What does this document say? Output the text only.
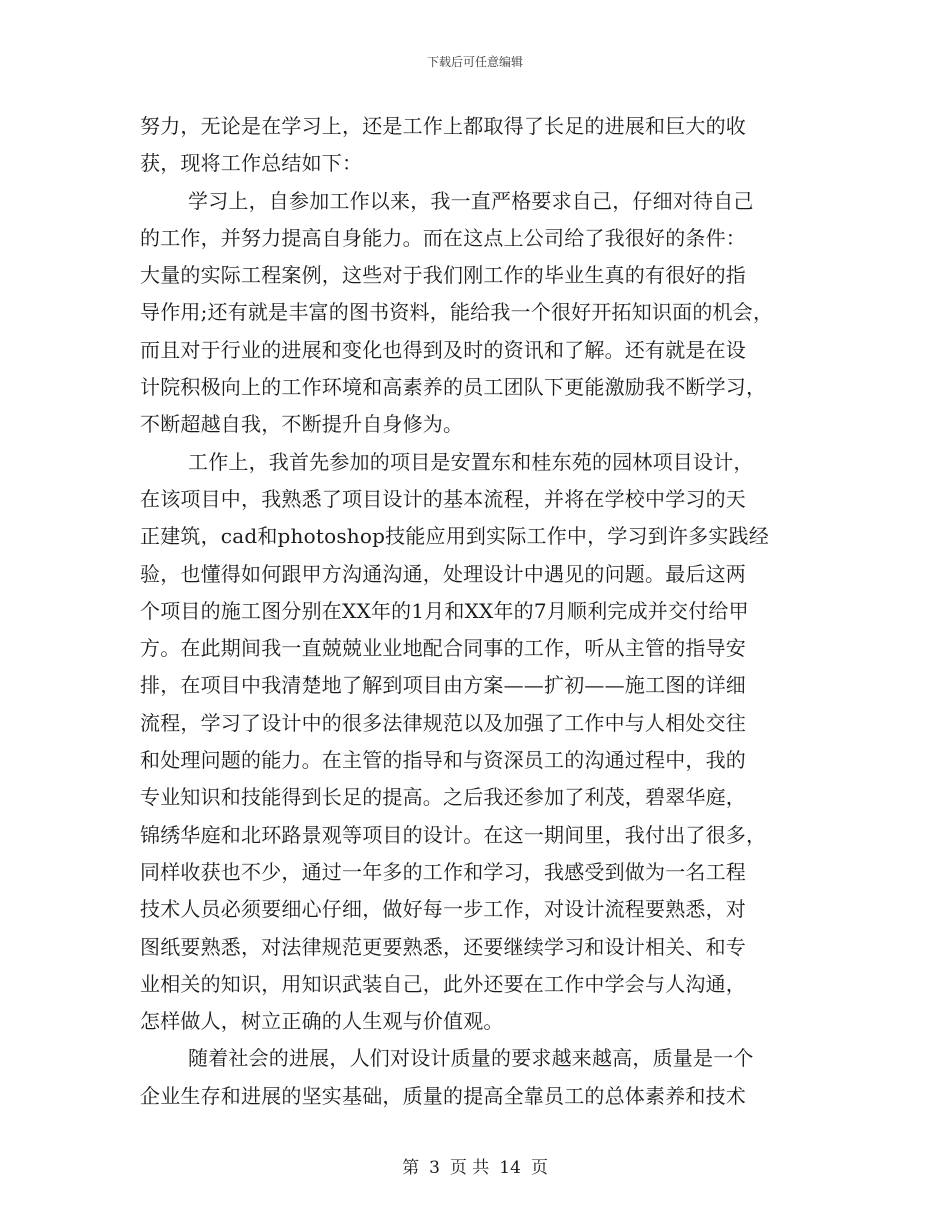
下载后可任意编辑
努力，无论是在学习上，还是工作上都取得了长足的进展和巨大的收
获，现将工作总结如下：
学习上，自参加工作以来，我一直严格要求自己，仔细对待自己
的工作，并努力提高自身能力。而在这点上公司给了我很好的条件：
大量的实际工程案例，这些对于我们刚工作的毕业生真的有很好的指
导作用;还有就是丰富的图书资料，能给我一个很好开拓知识面的机会，
而且对于行业的进展和变化也得到及时的资讯和了解。还有就是在设
计院积极向上的工作环境和高素养的员工团队下更能激励我不断学习，
不断超越自我，不断提升自身修为。
工作上，我首先参加的项目是安置东和桂东苑的园林项目设计，
在该项目中，我熟悉了项目设计的基本流程，并将在学校中学习的天
正建筑，cad和photoshop技能应用到实际工作中，学习到许多实践经
验，也懂得如何跟甲方沟通沟通，处理设计中遇见的问题。最后这两
个项目的施工图分别在XX年的1月和XX年的7月顺利完成并交付给甲
方。在此期间我一直兢兢业业地配合同事的工作，听从主管的指导安
排，在项目中我清楚地了解到项目由方案——扩初——施工图的详细
流程，学习了设计中的很多法律规范以及加强了工作中与人相处交往
和处理问题的能力。在主管的指导和与资深员工的沟通过程中，我的
专业知识和技能得到长足的提高。之后我还参加了利茂，碧翠华庭，
锦绣华庭和北环路景观等项目的设计。在这一期间里，我付出了很多，
同样收获也不少，通过一年多的工作和学习，我感受到做为一名工程
技术人员必须要细心仔细，做好每一步工作，对设计流程要熟悉，对
图纸要熟悉，对法律规范更要熟悉，还要继续学习和设计相关、和专
业相关的知识，用知识武装自己，此外还要在工作中学会与人沟通，
怎样做人，树立正确的人生观与价值观。
随着社会的进展，人们对设计质量的要求越来越高，质量是一个
企业生存和进展的坚实基础，质量的提高全靠员工的总体素养和技术
第 3 页 共 14 页
